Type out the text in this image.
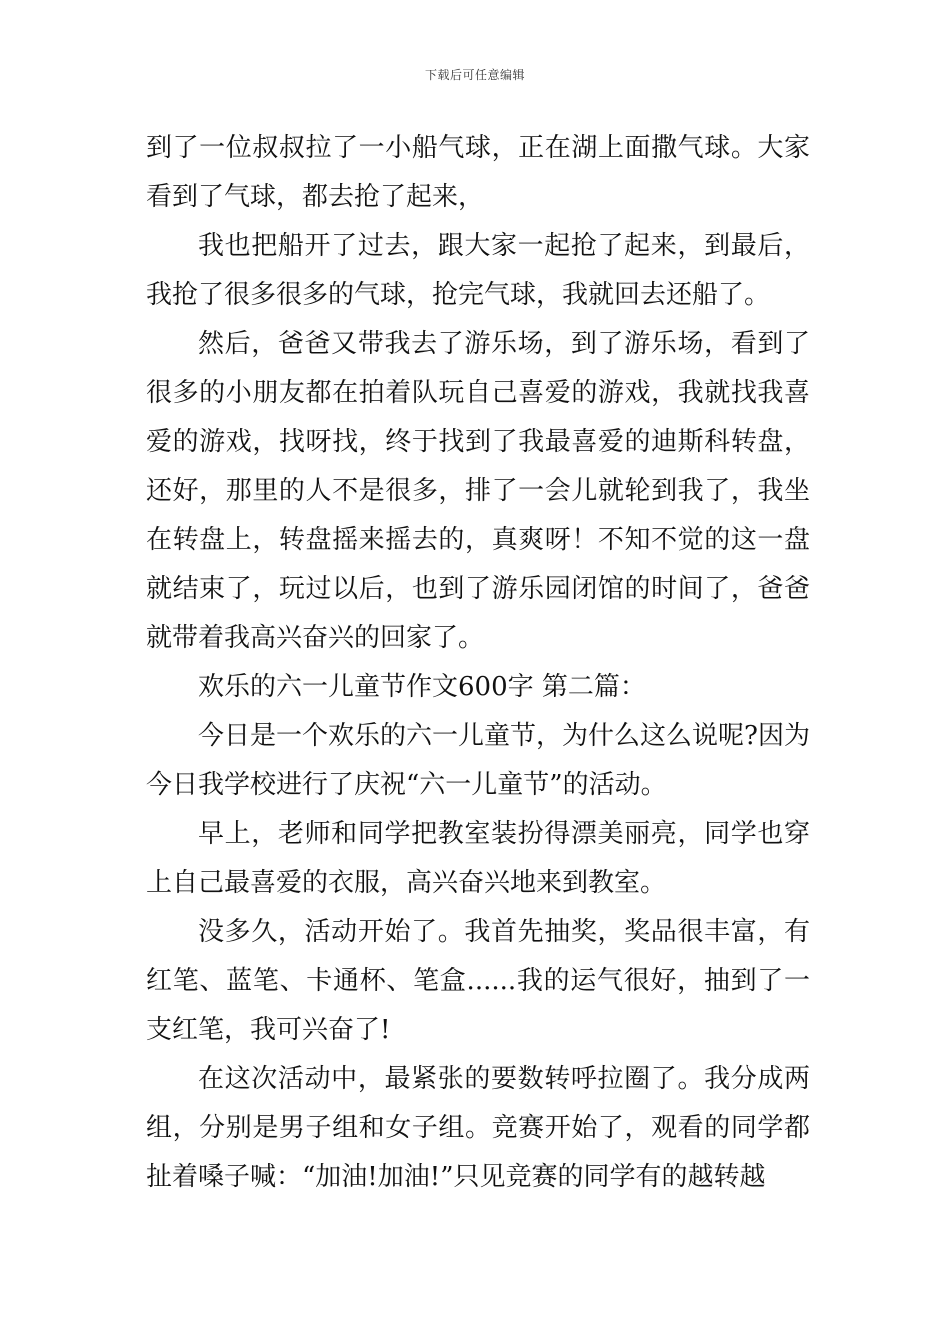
下载后可任意编辑

到了一位叔叔拉了一小船气球，正在湖上面撒气球。大家看到了气球，都去抢了起来，

我也把船开了过去，跟大家一起抢了起来，到最后，我抢了很多很多的气球，抢完气球，我就回去还船了。

然后，爸爸又带我去了游乐场，到了游乐场，看到了很多的小朋友都在拍着队玩自己喜爱的游戏，我就找我喜爱的游戏，找呀找，终于找到了我最喜爱的迪斯科转盘，还好，那里的人不是很多，排了一会儿就轮到我了，我坐在转盘上，转盘摇来摇去的，真爽呀！不知不觉的这一盘就结束了，玩过以后，也到了游乐园闭馆的时间了，爸爸就带着我高兴奋兴的回家了。

欢乐的六一儿童节作文600字 第二篇：

今日是一个欢乐的六一儿童节，为什么这么说呢?因为今日我学校进行了庆祝“六一儿童节”的活动。

早上，老师和同学把教室装扮得漂美丽亮，同学也穿上自己最喜爱的衣服，高兴奋兴地来到教室。

没多久，活动开始了。我首先抽奖，奖品很丰富，有红笔、蓝笔、卡通杯、笔盒......我的运气很好，抽到了一支红笔，我可兴奋了!

在这次活动中，最紧张的要数转呼拉圈了。我分成两组，分别是男子组和女子组。竞赛开始了，观看的同学都扯着嗓子喊：“加油!加油!”只见竞赛的同学有的越转越
